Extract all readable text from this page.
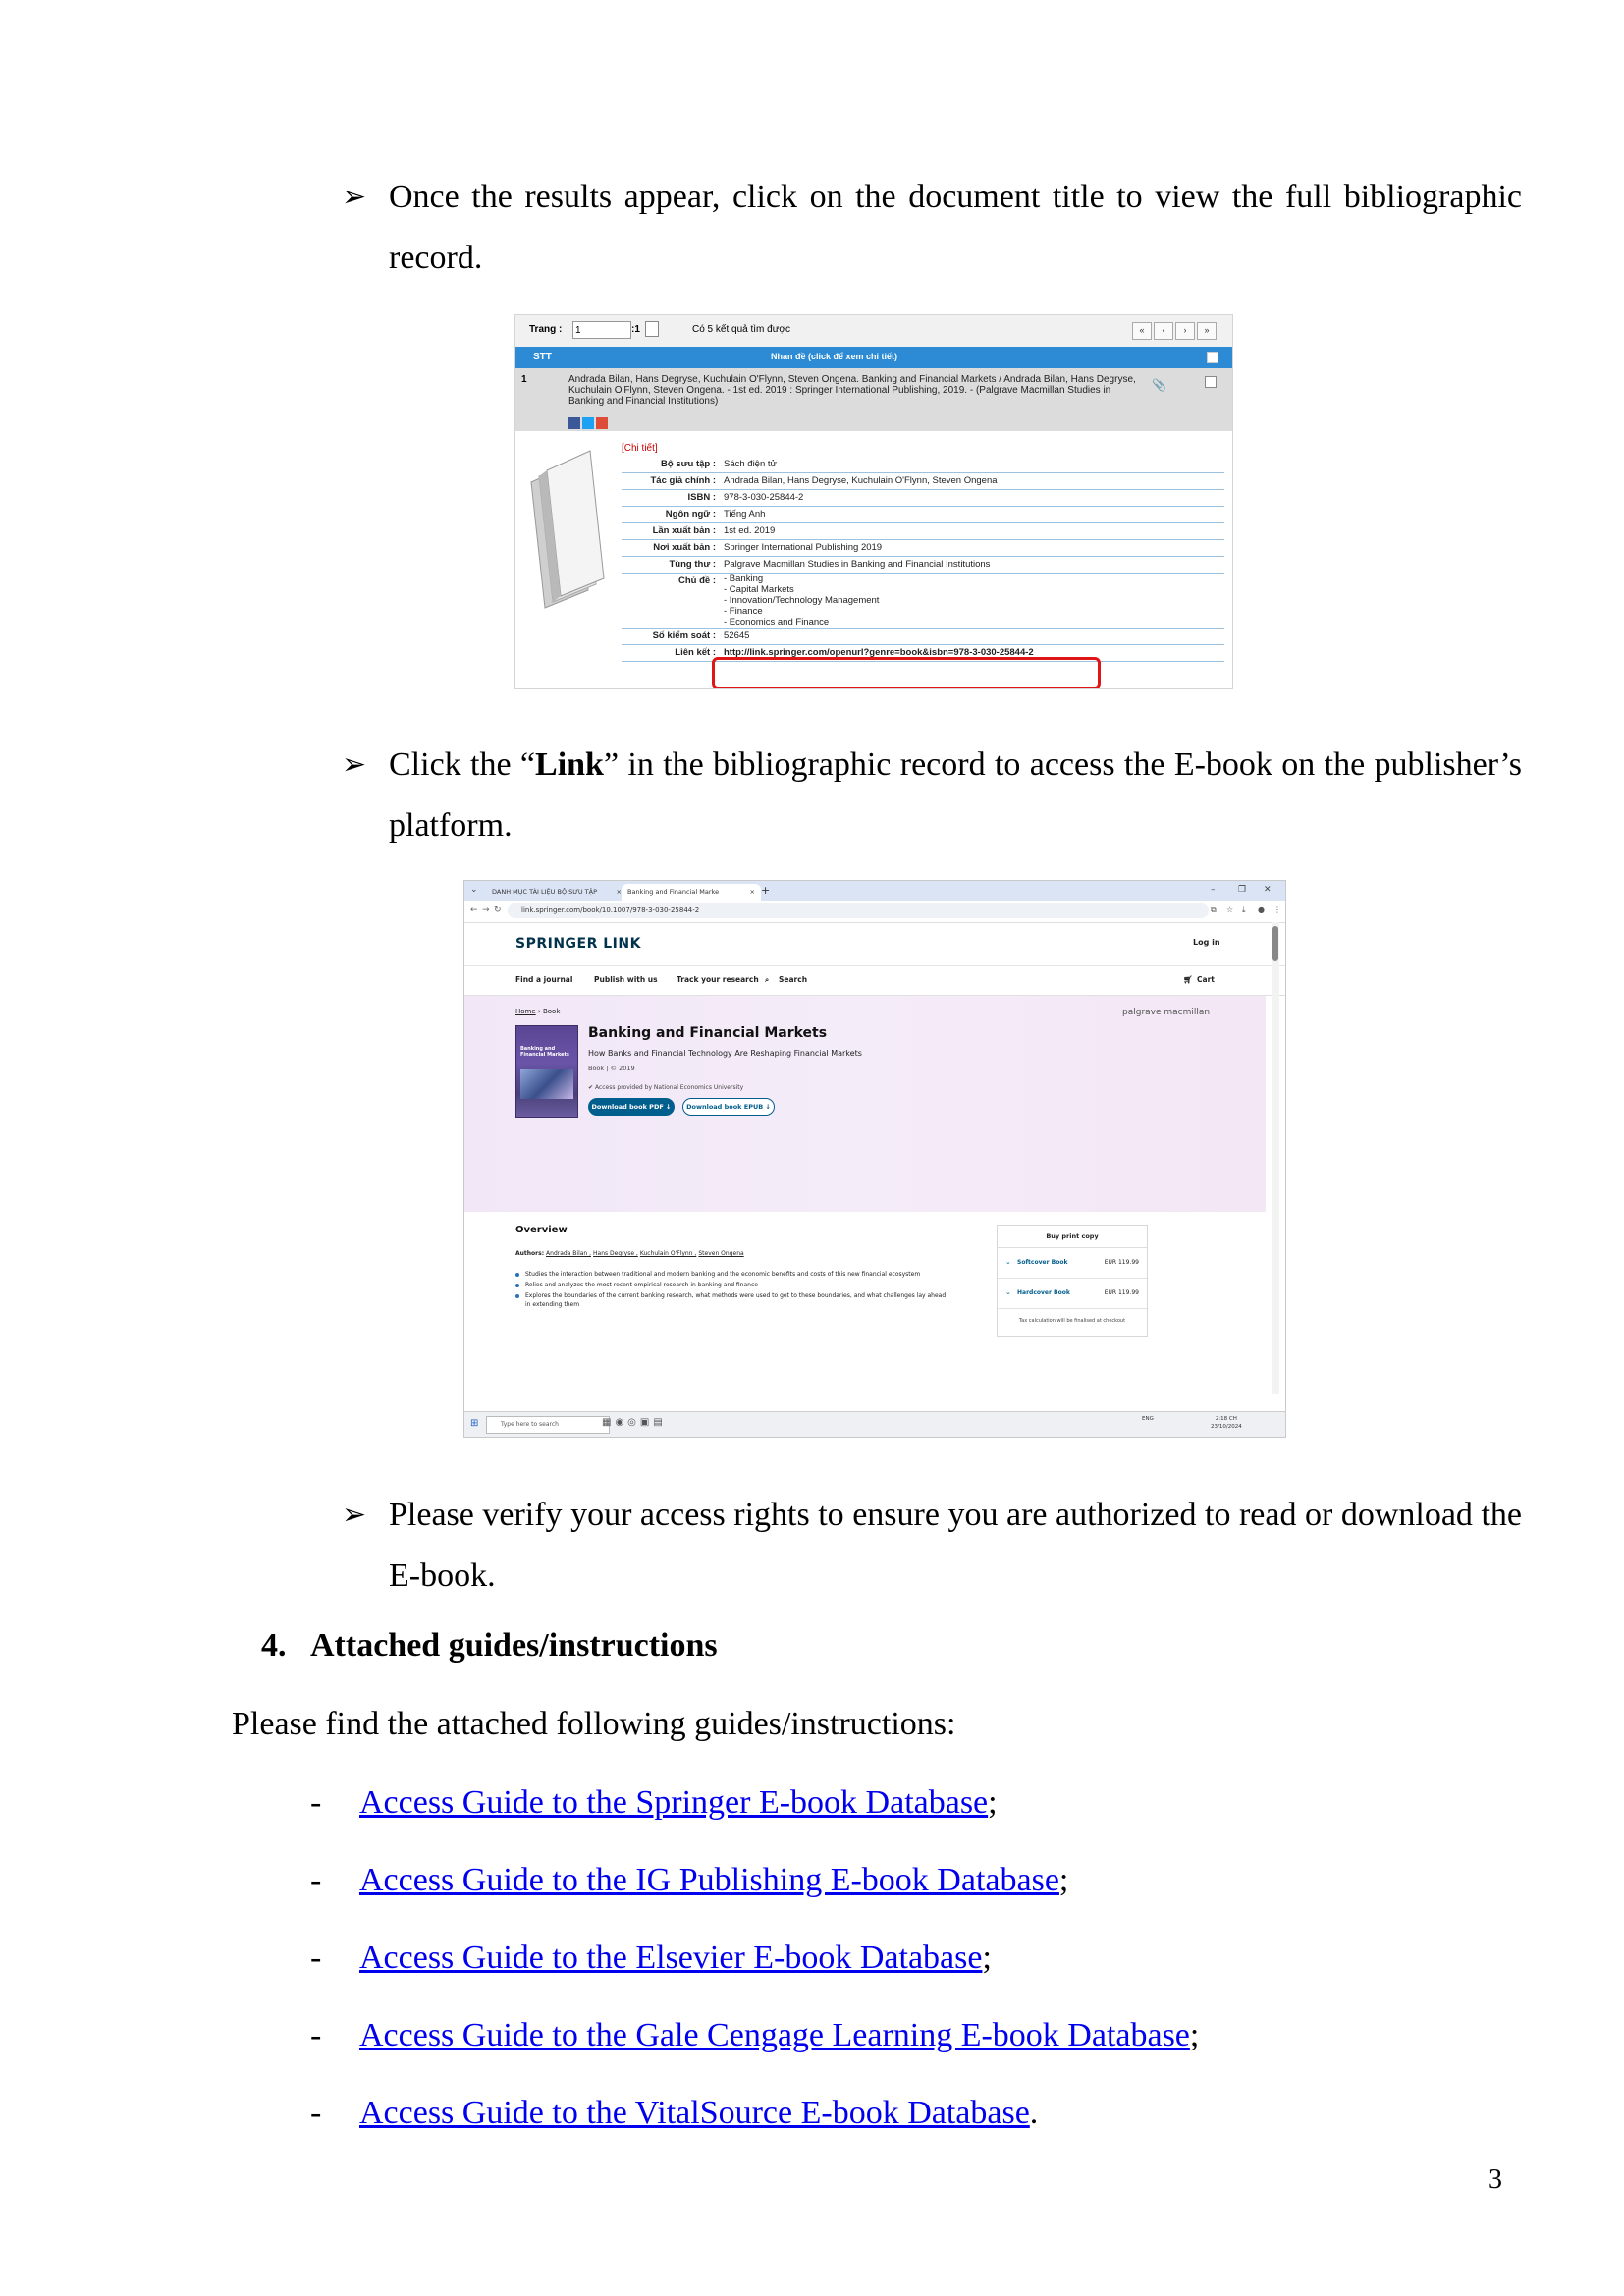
➢ Once the results appear, click on the document title to view the full bibliographic record.
Trang :
1	:1	Có 5 kết quả tìm được	«	‹	›	»
STT	Nhan đề (click để xem chi tiết)
1	Andrada Bilan, Hans Degryse, Kuchulain O'Flynn, Steven Ongena. Banking and Financial Markets / Andrada Bilan, Hans Degryse, Kuchulain O'Flynn, Steven Ongena. - 1st ed. 2019 : Springer International Publishing, 2019. - (Palgrave Macmillan Studies in Banking and Financial Institutions)
📎
[Chi tiết]
Bộ sưu tập :	Sách điện tử
Tác giả chính :	Andrada Bilan, Hans Degryse, Kuchulain O'Flynn, Steven Ongena
ISBN :	978-3-030-25844-2
Ngôn ngữ :	Tiếng Anh
Lần xuất bản :	1st ed. 2019
Nơi xuất bản :	Springer International Publishing 2019
Tùng thư :	Palgrave Macmillan Studies in Banking and Financial Institutions
Chủ đề :	- Banking
- Capital Markets
- Innovation/Technology Management
- Finance
- Economics and Finance

Số kiểm soát :	52645
Liên kết :	http://link.springer.com/openurl?genre=book&isbn=978-3-030-25844-2
➢ Click the “Link” in the bibliographic record to access the E-book on the publisher’s platform.
⌄	DANH MỤC TÀI LIỆU BỘ SƯU TẬP	× Banking and Financial Marke	× +	–	❐ ✕
← → ↻	link.springer.com/book/10.1007/978-3-030-25844-2	⧉ ☆ ⤓ ● ⋮
SPRINGER LINK	Log in
Find a journal	Publish with us	Track your research ⌕ Search	🛒︎ Cart
Home › Book	palgrave macmillan
Banking and Financial Markets
Banking and Financial Markets
How Banks and Financial Technology Are Reshaping Financial Markets
Book | © 2019
✔ Access provided by National Economics University
Download book PDF ↓	Download book EPUB ↓
Overview
Authors: Andrada Bilan , Hans Degryse , Kuchulain O'Flynn , Steven Ongena
Studies the interaction between traditional and modern banking and the economic benefits and costs of this new financial ecosystem
Relies and analyzes the most recent empirical research in banking and finance
Explores the boundaries of the current banking research, what methods were used to get to these boundaries, and what challenges lay ahead in extending them
Buy print copy
⌄ Softcover Book	EUR 119.99
⌄ Hardcover Book	EUR 119.99
Tax calculation will be finalised at checkout
⊞	Type here to search	▦◉◎▣▤	ENG	2:18 CH
23/10/2024
➢ Please verify your access rights to ensure you are authorized to read or download the E-book.
4. Attached guides/instructions
Please find the attached following guides/instructions:
- Access Guide to the Springer E-book Database;
- Access Guide to the IG Publishing E-book Database;
- Access Guide to the Elsevier E-book Database;
- Access Guide to the Gale Cengage Learning E-book Database;
- Access Guide to the VitalSource E-book Database.
3
